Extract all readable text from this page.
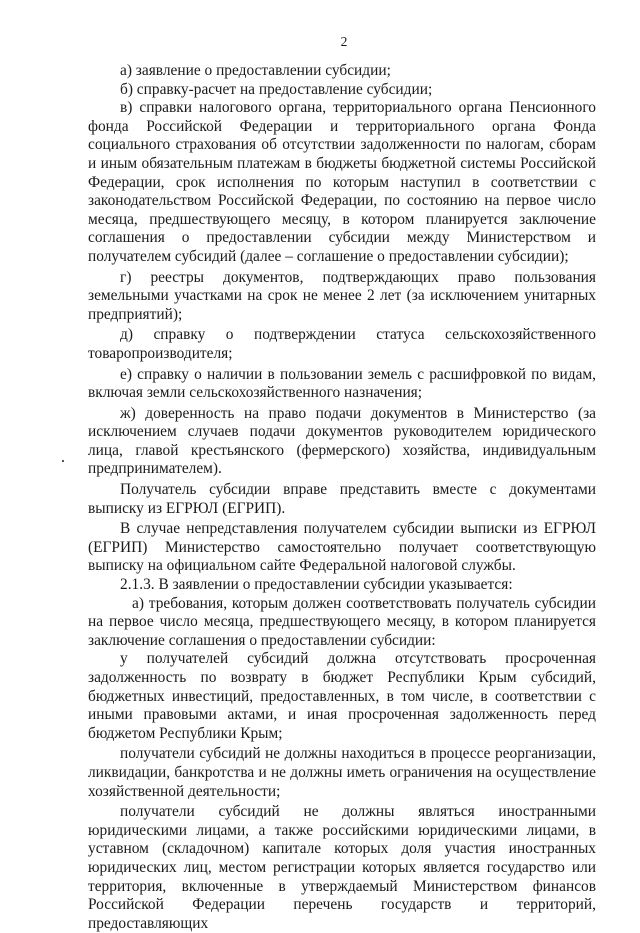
2

а) заявление о предоставлении субсидии;

б) справку-расчет на предоставление субсидии;

в) справки налогового органа, территориального органа Пенсионного фонда Российской Федерации и территориального органа Фонда социального страхования об отсутствии задолженности по налогам, сборам и иным обязательным платежам в бюджеты бюджетной системы Российской Федерации, срок исполнения по которым наступил в соответствии с законодательством Российской Федерации, по состоянию на первое число месяца, предшествующего месяцу, в котором планируется заключение соглашения о предоставлении субсидии между Министерством и получателем субсидий (далее – соглашение о предоставлении субсидии);

г) реестры документов, подтверждающих право пользования земельными участками на срок не менее 2 лет (за исключением унитарных предприятий);

д) справку о подтверждении статуса сельскохозяйственного товаропроизводителя;

е) справку о наличии в пользовании земель с расшифровкой по видам, включая земли сельскохозяйственного назначения;

ж) доверенность на право подачи документов в Министерство (за исключением случаев подачи документов руководителем юридического лица, главой крестьянского (фермерского) хозяйства, индивидуальным предпринимателем).

Получатель субсидии вправе представить вместе с документами выписку из ЕГРЮЛ (ЕГРИП).

В случае непредставления получателем субсидии выписки из ЕГРЮЛ (ЕГРИП) Министерство самостоятельно получает соответствующую выписку на официальном сайте Федеральной налоговой службы.

2.1.3. В заявлении о предоставлении субсидии указывается:

а) требования, которым должен соответствовать получатель субсидии на первое число месяца, предшествующего месяцу, в котором планируется заключение соглашения о предоставлении субсидии:

у получателей субсидий должна отсутствовать просроченная задолженность по возврату в бюджет Республики Крым субсидий, бюджетных инвестиций, предоставленных, в том числе, в соответствии с иными правовыми актами, и иная просроченная задолженность перед бюджетом Республики Крым;

получатели субсидий не должны находиться в процессе реорганизации, ликвидации, банкротства и не должны иметь ограничения на осуществление хозяйственной деятельности;

получатели субсидий не должны являться иностранными юридическими лицами, а также российскими юридическими лицами, в уставном (складочном) капитале которых доля участия иностранных юридических лиц, местом регистрации которых является государство или территория, включенные в утверждаемый Министерством финансов Российской Федерации перечень государств и территорий, предоставляющих
